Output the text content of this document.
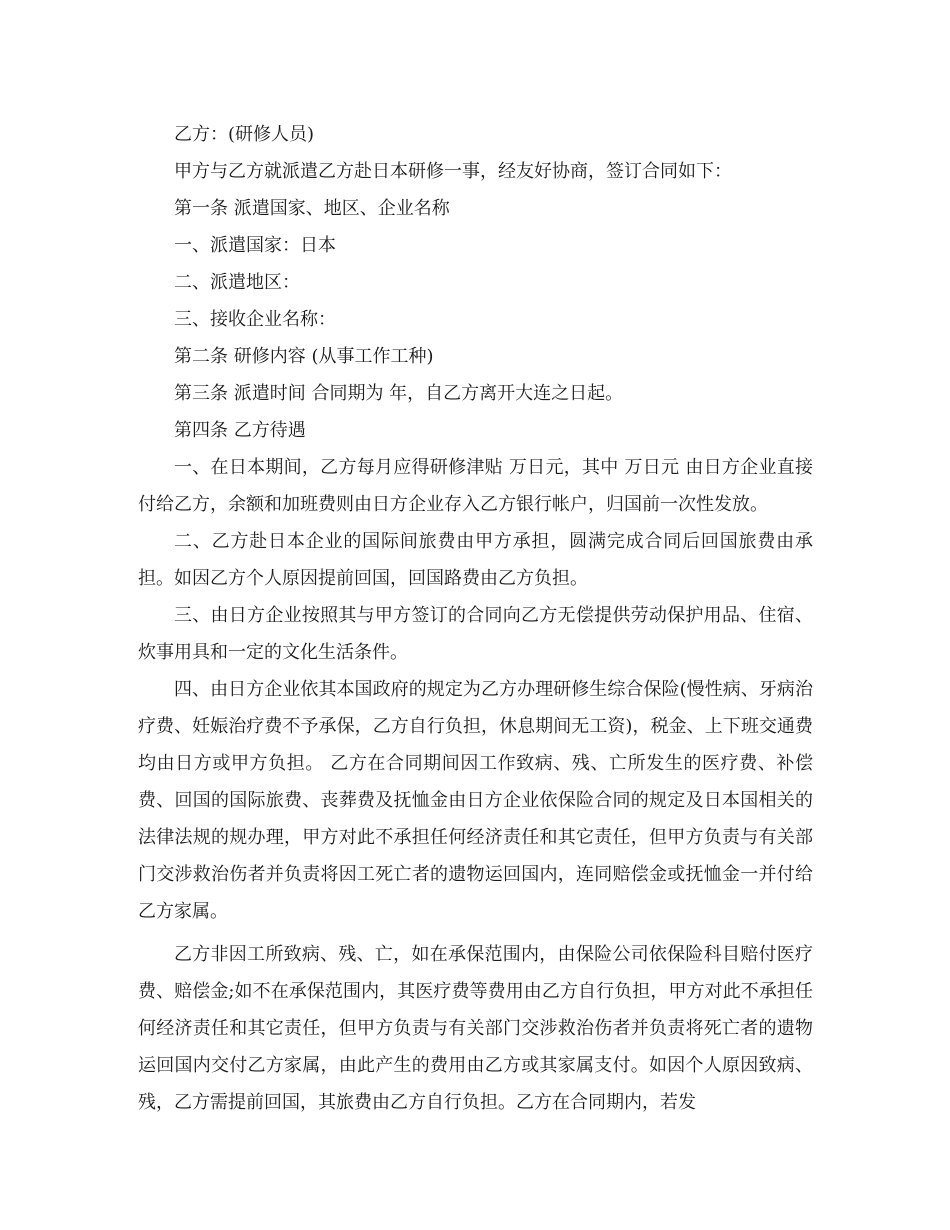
乙方：(研修人员)

甲方与乙方就派遣乙方赴日本研修一事，经友好协商，签订合同如下：

第一条 派遣国家、地区、企业名称

一、派遣国家：日本

二、派遣地区：

三、接收企业名称：

第二条 研修内容 (从事工作工种)

第三条 派遣时间 合同期为 年，自乙方离开大连之日起。

第四条 乙方待遇

一、在日本期间，乙方每月应得研修津贴 万日元，其中 万日元 由日方企业直接付给乙方，余额和加班费则由日方企业存入乙方银行帐户，归国前一次性发放。

二、乙方赴日本企业的国际间旅费由甲方承担，圆满完成合同后回国旅费由承担。如因乙方个人原因提前回国，回国路费由乙方负担。

三、由日方企业按照其与甲方签订的合同向乙方无偿提供劳动保护用品、住宿、炊事用具和一定的文化生活条件。

四、由日方企业依其本国政府的规定为乙方办理研修生综合保险(慢性病、牙病治疗费、妊娠治疗费不予承保，乙方自行负担，休息期间无工资)，税金、上下班交通费均由日方或甲方负担。 乙方在合同期间因工作致病、残、亡所发生的医疗费、补偿费、回国的国际旅费、丧葬费及抚恤金由日方企业依保险合同的规定及日本国相关的法律法规的规办理，甲方对此不承担任何经济责任和其它责任，但甲方负责与有关部门交涉救治伤者并负责将因工死亡者的遗物运回国内，连同赔偿金或抚恤金一并付给乙方家属。

乙方非因工所致病、残、亡，如在承保范围内，由保险公司依保险科目赔付医疗费、赔偿金;如不在承保范围内，其医疗费等费用由乙方自行负担，甲方对此不承担任何经济责任和其它责任，但甲方负责与有关部门交涉救治伤者并负责将死亡者的遗物运回国内交付乙方家属，由此产生的费用由乙方或其家属支付。如因个人原因致病、残，乙方需提前回国，其旅费由乙方自行负担。乙方在合同期内，若发
